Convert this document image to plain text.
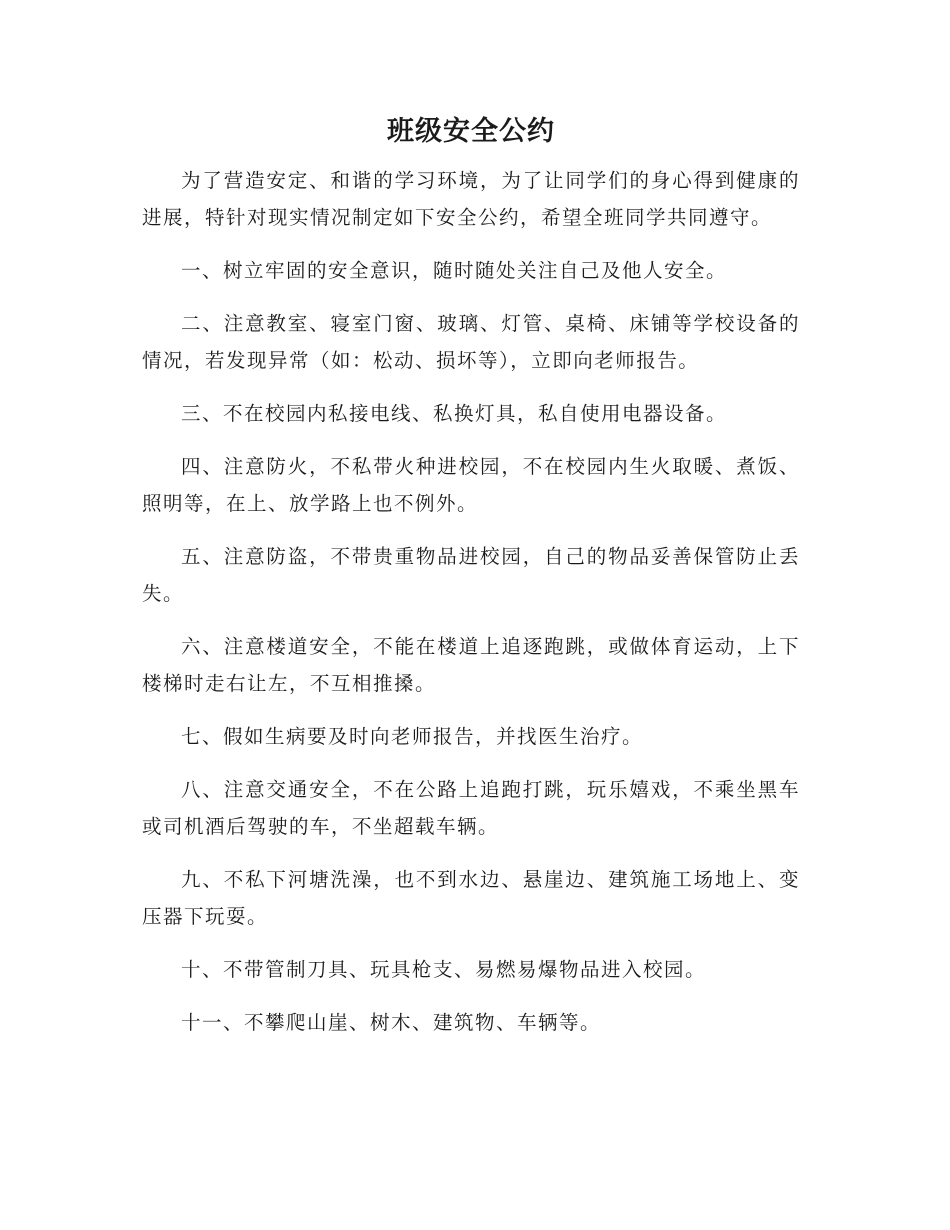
班级安全公约

为了营造安定、和谐的学习环境，为了让同学们的身心得到健康的进展，特针对现实情况制定如下安全公约，希望全班同学共同遵守。

一、树立牢固的安全意识，随时随处关注自己及他人安全。

二、注意教室、寝室门窗、玻璃、灯管、桌椅、床铺等学校设备的情况，若发现异常（如：松动、损坏等），立即向老师报告。

三、不在校园内私接电线、私换灯具，私自使用电器设备。

四、注意防火，不私带火种进校园，不在校园内生火取暖、煮饭、照明等，在上、放学路上也不例外。

五、注意防盗，不带贵重物品进校园，自己的物品妥善保管防止丢失。

六、注意楼道安全，不能在楼道上追逐跑跳，或做体育运动，上下楼梯时走右让左，不互相推搡。

七、假如生病要及时向老师报告，并找医生治疗。

八、注意交通安全，不在公路上追跑打跳，玩乐嬉戏，不乘坐黑车或司机酒后驾驶的车，不坐超载车辆。

九、不私下河塘洗澡，也不到水边、悬崖边、建筑施工场地上、变压器下玩耍。

十、不带管制刀具、玩具枪支、易燃易爆物品进入校园。

十一、不攀爬山崖、树木、建筑物、车辆等。
